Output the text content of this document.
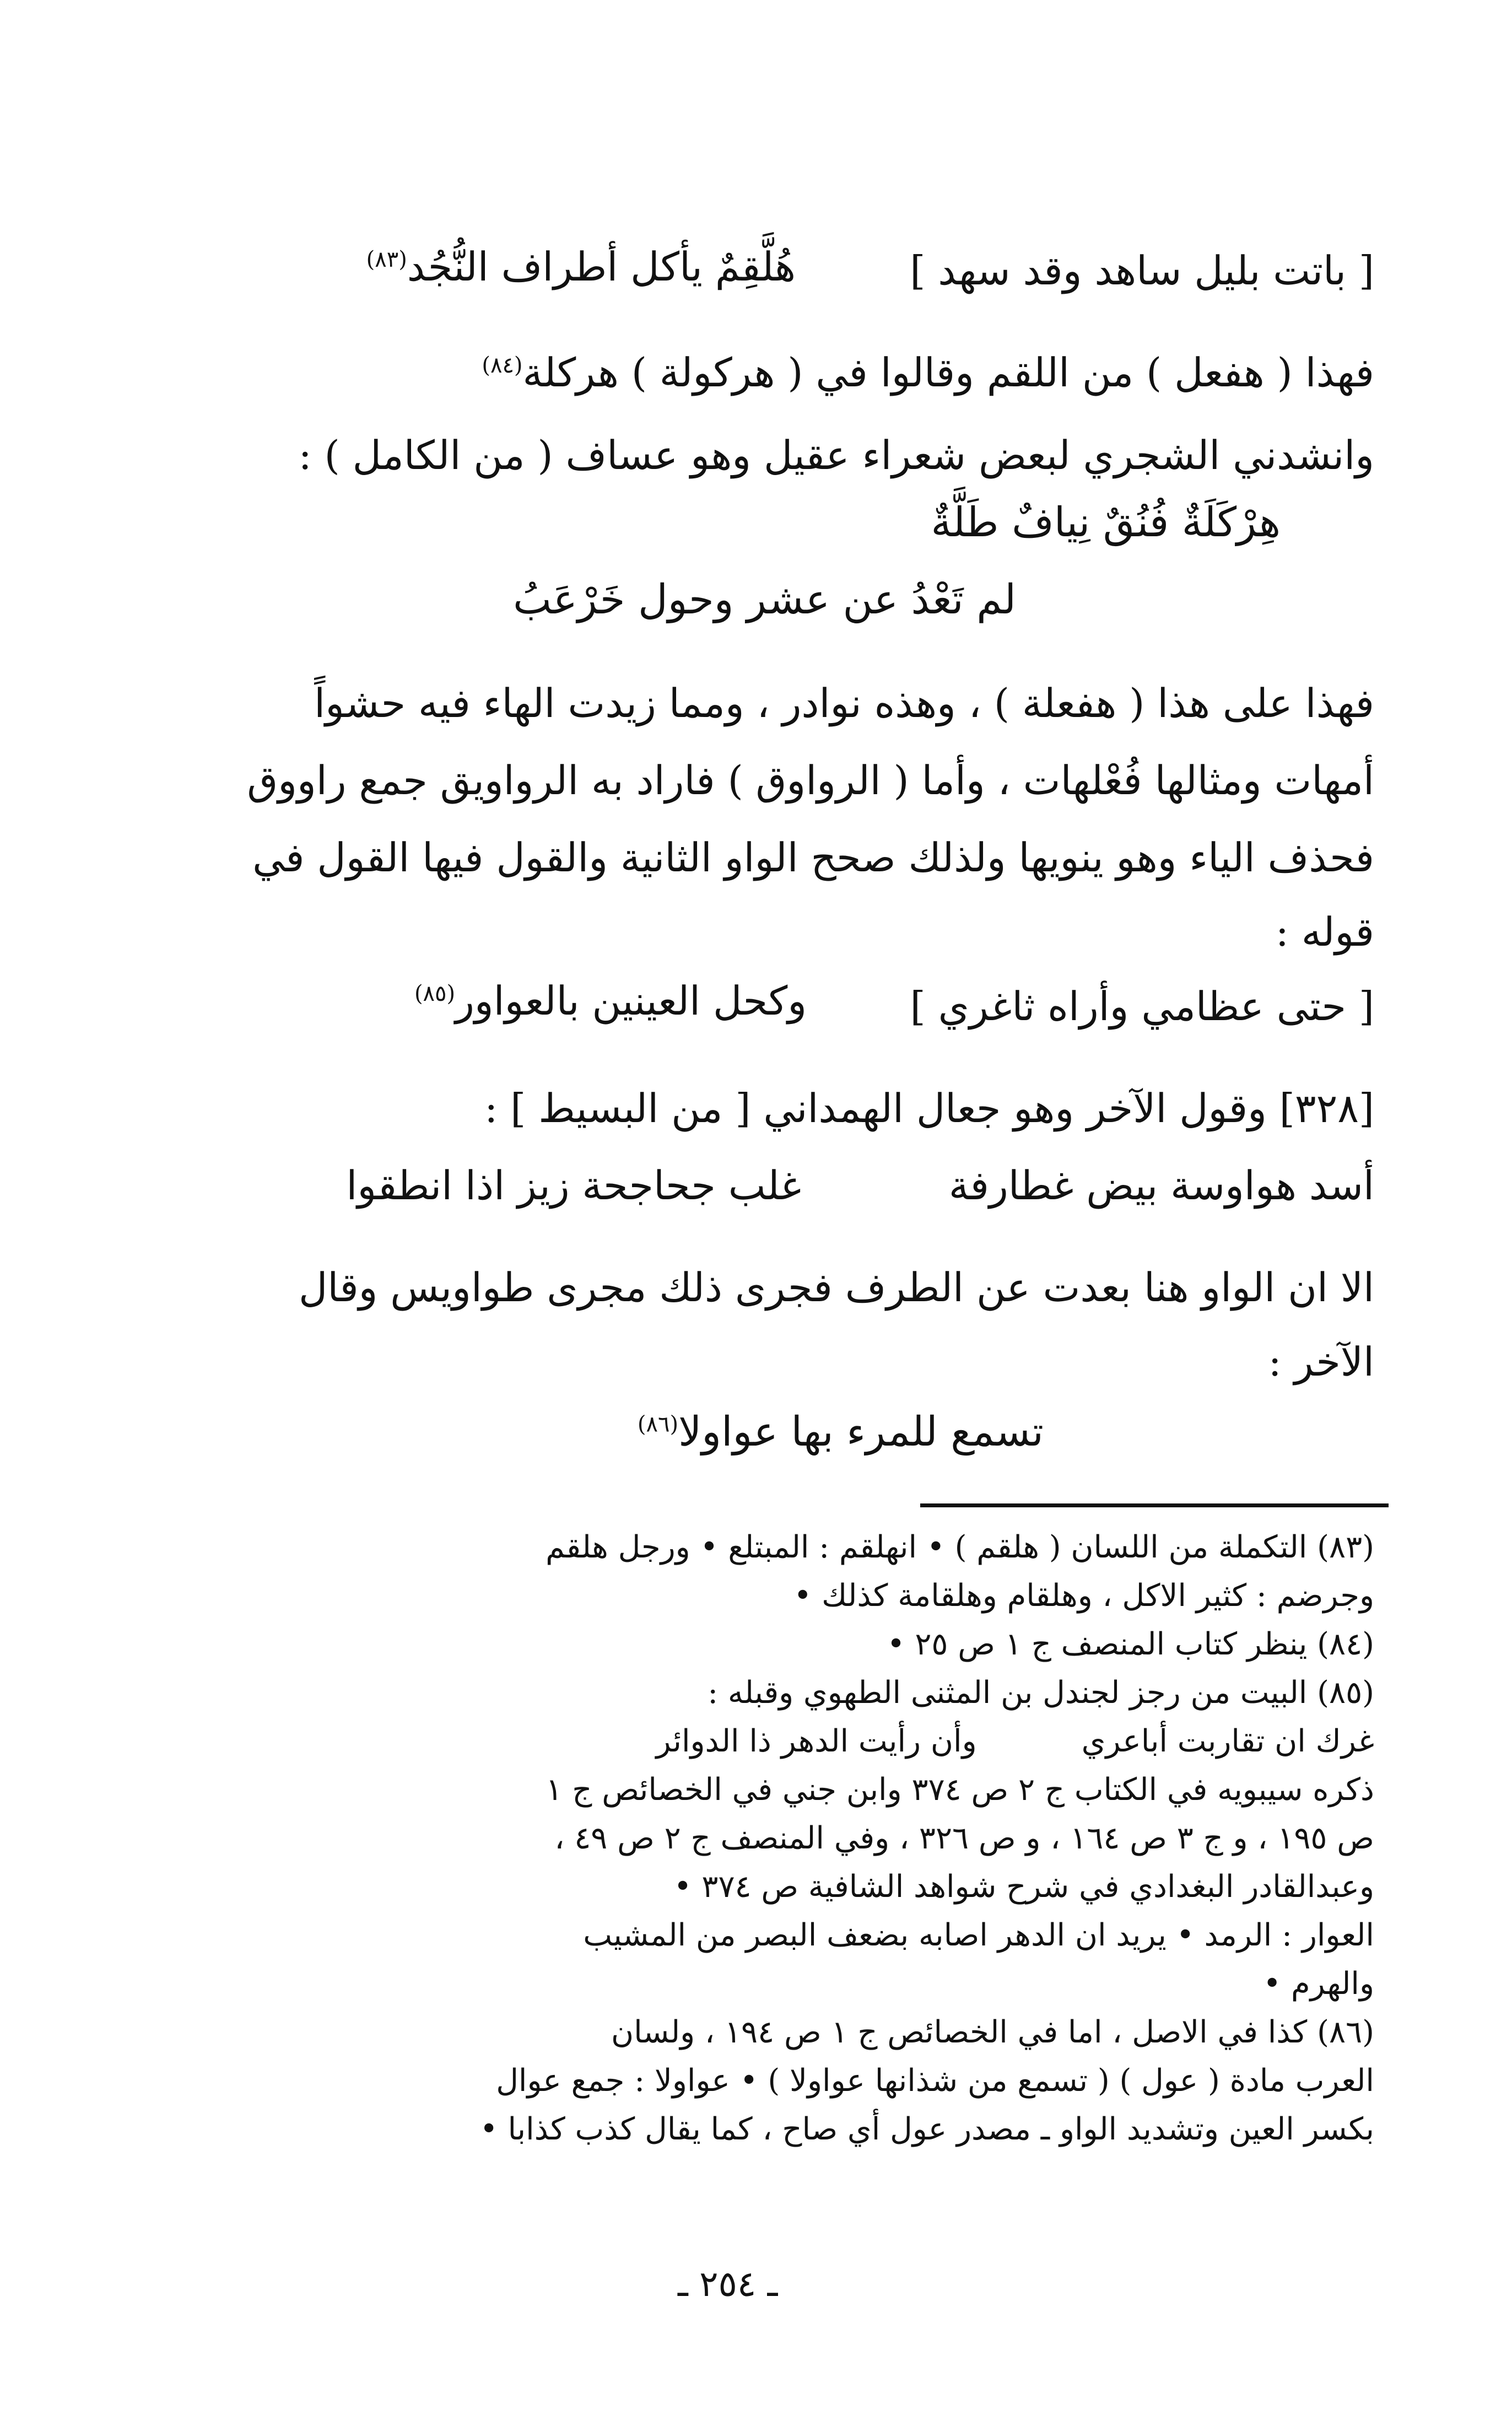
[ باتت بليل ساهد وقد سهد ]
هُلَّقِمٌ يأكل أطراف النُّجُد$^{(٨٣)}$
فهذا ( هفعل ) من اللقم وقالوا في ( هركولة ) هركلة$^{(٨٤)}$
وانشدني الشجري لبعض شعراء عقيل وهو عساف ( من الكامل ) :
هِرْكَلَةٌ فُنُقٌ نِيافٌ طَلَّةٌ
لم تَعْدُ عن عشر وحول خَرْعَبُ
فهذا على هذا ( هفعلة ) ، وهذه نوادر ، ومما زيدت الهاء فيه حشواً
أمهات ومثالها فُعْلهات ، وأما ( الرواوق ) فاراد به الرواويق جمع راووق
فحذف الياء وهو ينويها ولذلك صحح الواو الثانية والقول فيها القول في
قوله :
[ حتى عظامي وأراه ثاغري ]
وكحل العينين بالعواور$^{(٨٥)}$
[٣٢٨] وقول الآخر وهو جعال الهمداني [ من البسيط ] :
أسد هواوسة بيض غطارفة
غلب جحاجحة زيز اذا انطقوا
الا ان الواو هنا بعدت عن الطرف فجرى ذلك مجرى طواويس وقال
الآخر :
تسمع للمرء بها عواولا$^{(٨٦)}$
(٨٣) التكملة من اللسان ( هلقم ) • انهلقم : المبتلع • ورجل هلقم
وجرضم : كثير الاكل ، وهلقام وهلقامة كذلك •
(٨٤) ينظر كتاب المنصف ج ١ ص ٢٥ •
(٨٥) البيت من رجز لجندل بن المثنى الطهوي وقبله :
غرك ان تقاربت أباعريوأن رأيت الدهر ذا الدوائر
ذكره سيبويه في الكتاب ج ٢ ص ٣٧٤ وابن جني في الخصائص ج ١
ص ١٩٥ ، و ج ٣ ص ١٦٤ ، و ص ٣٢٦ ، وفي المنصف ج ٢ ص ٤٩ ،
وعبدالقادر البغدادي في شرح شواهد الشافية ص ٣٧٤ •
العوار : الرمد • يريد ان الدهر اصابه بضعف البصر من المشيب
والهرم •
(٨٦) كذا في الاصل ، اما في الخصائص ج ١ ص ١٩٤ ، ولسان
العرب مادة ( عول ) ( تسمع من شذانها عواولا ) • عواولا : جمع عوال
بكسر العين وتشديد الواو ـ مصدر عول أي صاح ، كما يقال كذب كذابا •
ـ ٢٥٤ ـ
